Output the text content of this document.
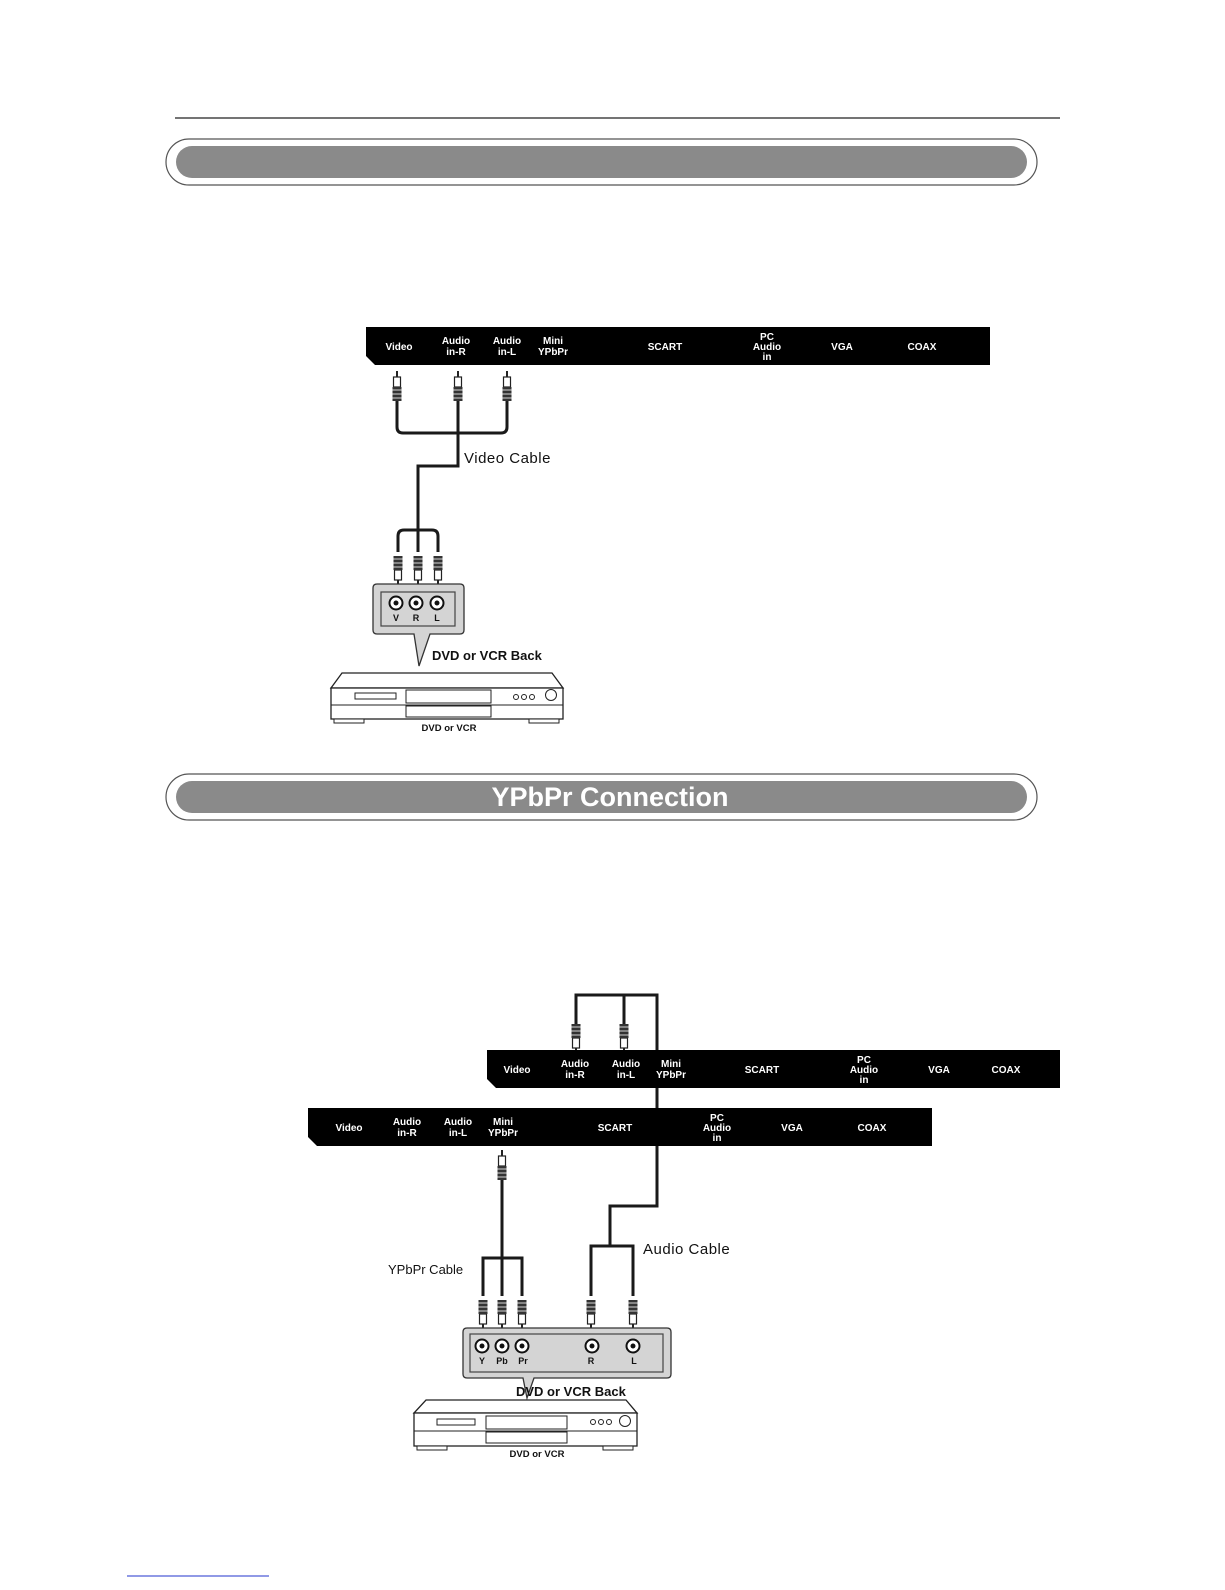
Video
Audio
in-R
Audio
in-L
Mini
YPbPr	SCART
PC
Audio
in
VGA	COAX
Video Cable
V R L
DVD or VCR Back
DVD or VCR
YPbPr Connection
Audio Cable
Video
Audio
in-R
Audio
in-L
Mini
YPbPr	SCART
PC
Audio
in
VGA	COAX
Video
Audio
in-R
Audio
in-L
Mini
YPbPr	SCART
PC
Audio
in
VGA	COAX
YPbPr Cable
Y Pb Pr	R	L
DVD or VCR Back
DVD or VCR
